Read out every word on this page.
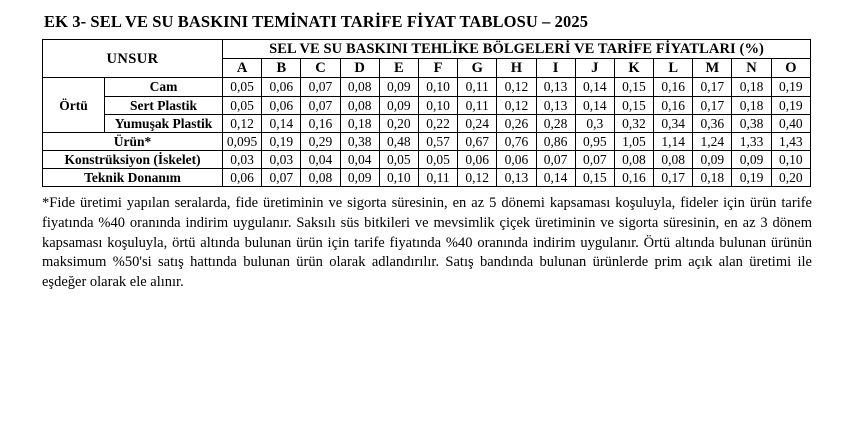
EK 3- SEL VE SU BASKINI TEMİNATI TARİFE FİYAT TABLOSU – 2025
UNSUR		SEL VE SU BASKINI TEHLİKE BÖLGELERİ VE TARİFE FİYATLARI (%)														
		A	B	C	D	E	F	G	H	I	J	K	L	M	N	O
Örtü	Cam	0,05	0,06	0,07	0,08	0,09	0,10	0,11	0,12	0,13	0,14	0,15	0,16	0,17	0,18	0,19
	Sert Plastik	0,05	0,06	0,07	0,08	0,09	0,10	0,11	0,12	0,13	0,14	0,15	0,16	0,17	0,18	0,19
	Yumuşak Plastik	0,12	0,14	0,16	0,18	0,20	0,22	0,24	0,26	0,28	0,3	0,32	0,34	0,36	0,38	0,40
Ürün*		0,095	0,19	0,29	0,38	0,48	0,57	0,67	0,76	0,86	0,95	1,05	1,14	1,24	1,33	1,43
Konstrüksiyon (İskelet)		0,03	0,03	0,04	0,04	0,05	0,05	0,06	0,06	0,07	0,07	0,08	0,08	0,09	0,09	0,10
Teknik Donanım		0,06	0,07	0,08	0,09	0,10	0,11	0,12	0,13	0,14	0,15	0,16	0,17	0,18	0,19	0,20
*Fide üretimi yapılan seralarda, fide üretiminin ve sigorta süresinin, en az 5 dönemi kapsaması koşuluyla, fideler için ürün tarife fiyatında %40 oranında indirim uygulanır. Saksılı süs bitkileri ve mevsimlik çiçek üretiminin ve sigorta süresinin, en az 3 dönem kapsaması koşuluyla, örtü altında bulunan ürün için tarife fiyatında %40 oranında indirim uygulanır. Örtü altında bulunan ürünün maksimum %50'si satış hattında bulunan ürün olarak adlandırılır. Satış bandında bulunan ürünlerde prim açık alan üretimi ile eşdeğer olarak ele alınır.
